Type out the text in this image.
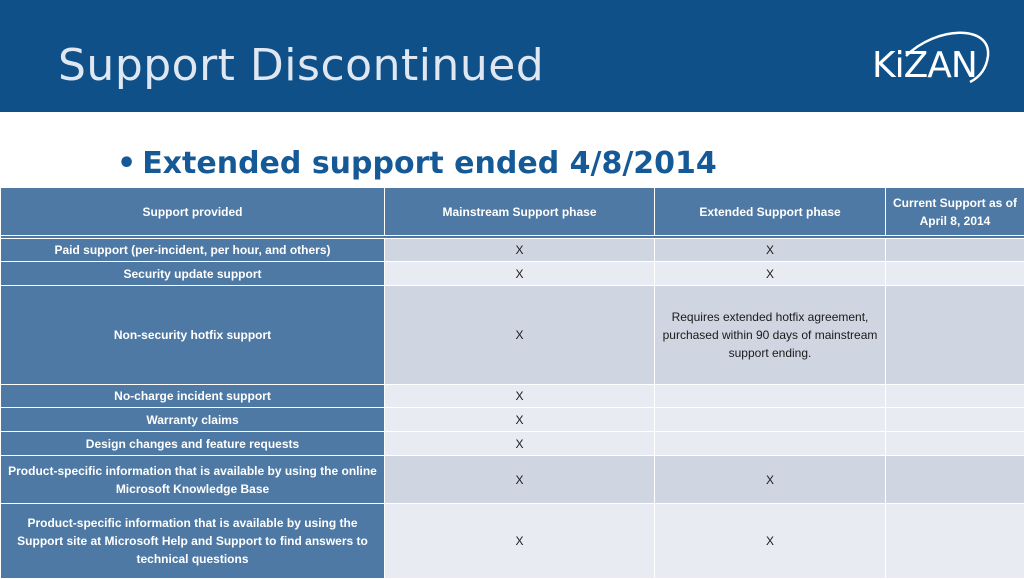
Support Discontinued	KiZAN
• Extended support ended 4/8/2014
Support provided	Mainstream Support phase	Extended Support phase	Current Support as of April 8, 2014

Paid support (per-incident, per hour, and others)	X	X	
Security update support	X	X	
Non-security hotfix support	X	Requires extended hotfix agreement, purchased within 90 days of mainstream support ending.	
No-charge incident support	X		
Warranty claims	X		
Design changes and feature requests	X		
Product-specific information that is available by using the online Microsoft Knowledge Base	X	X	
Product-specific information that is available by using the Support site at Microsoft Help and Support to find answers to technical questions	X	X	
